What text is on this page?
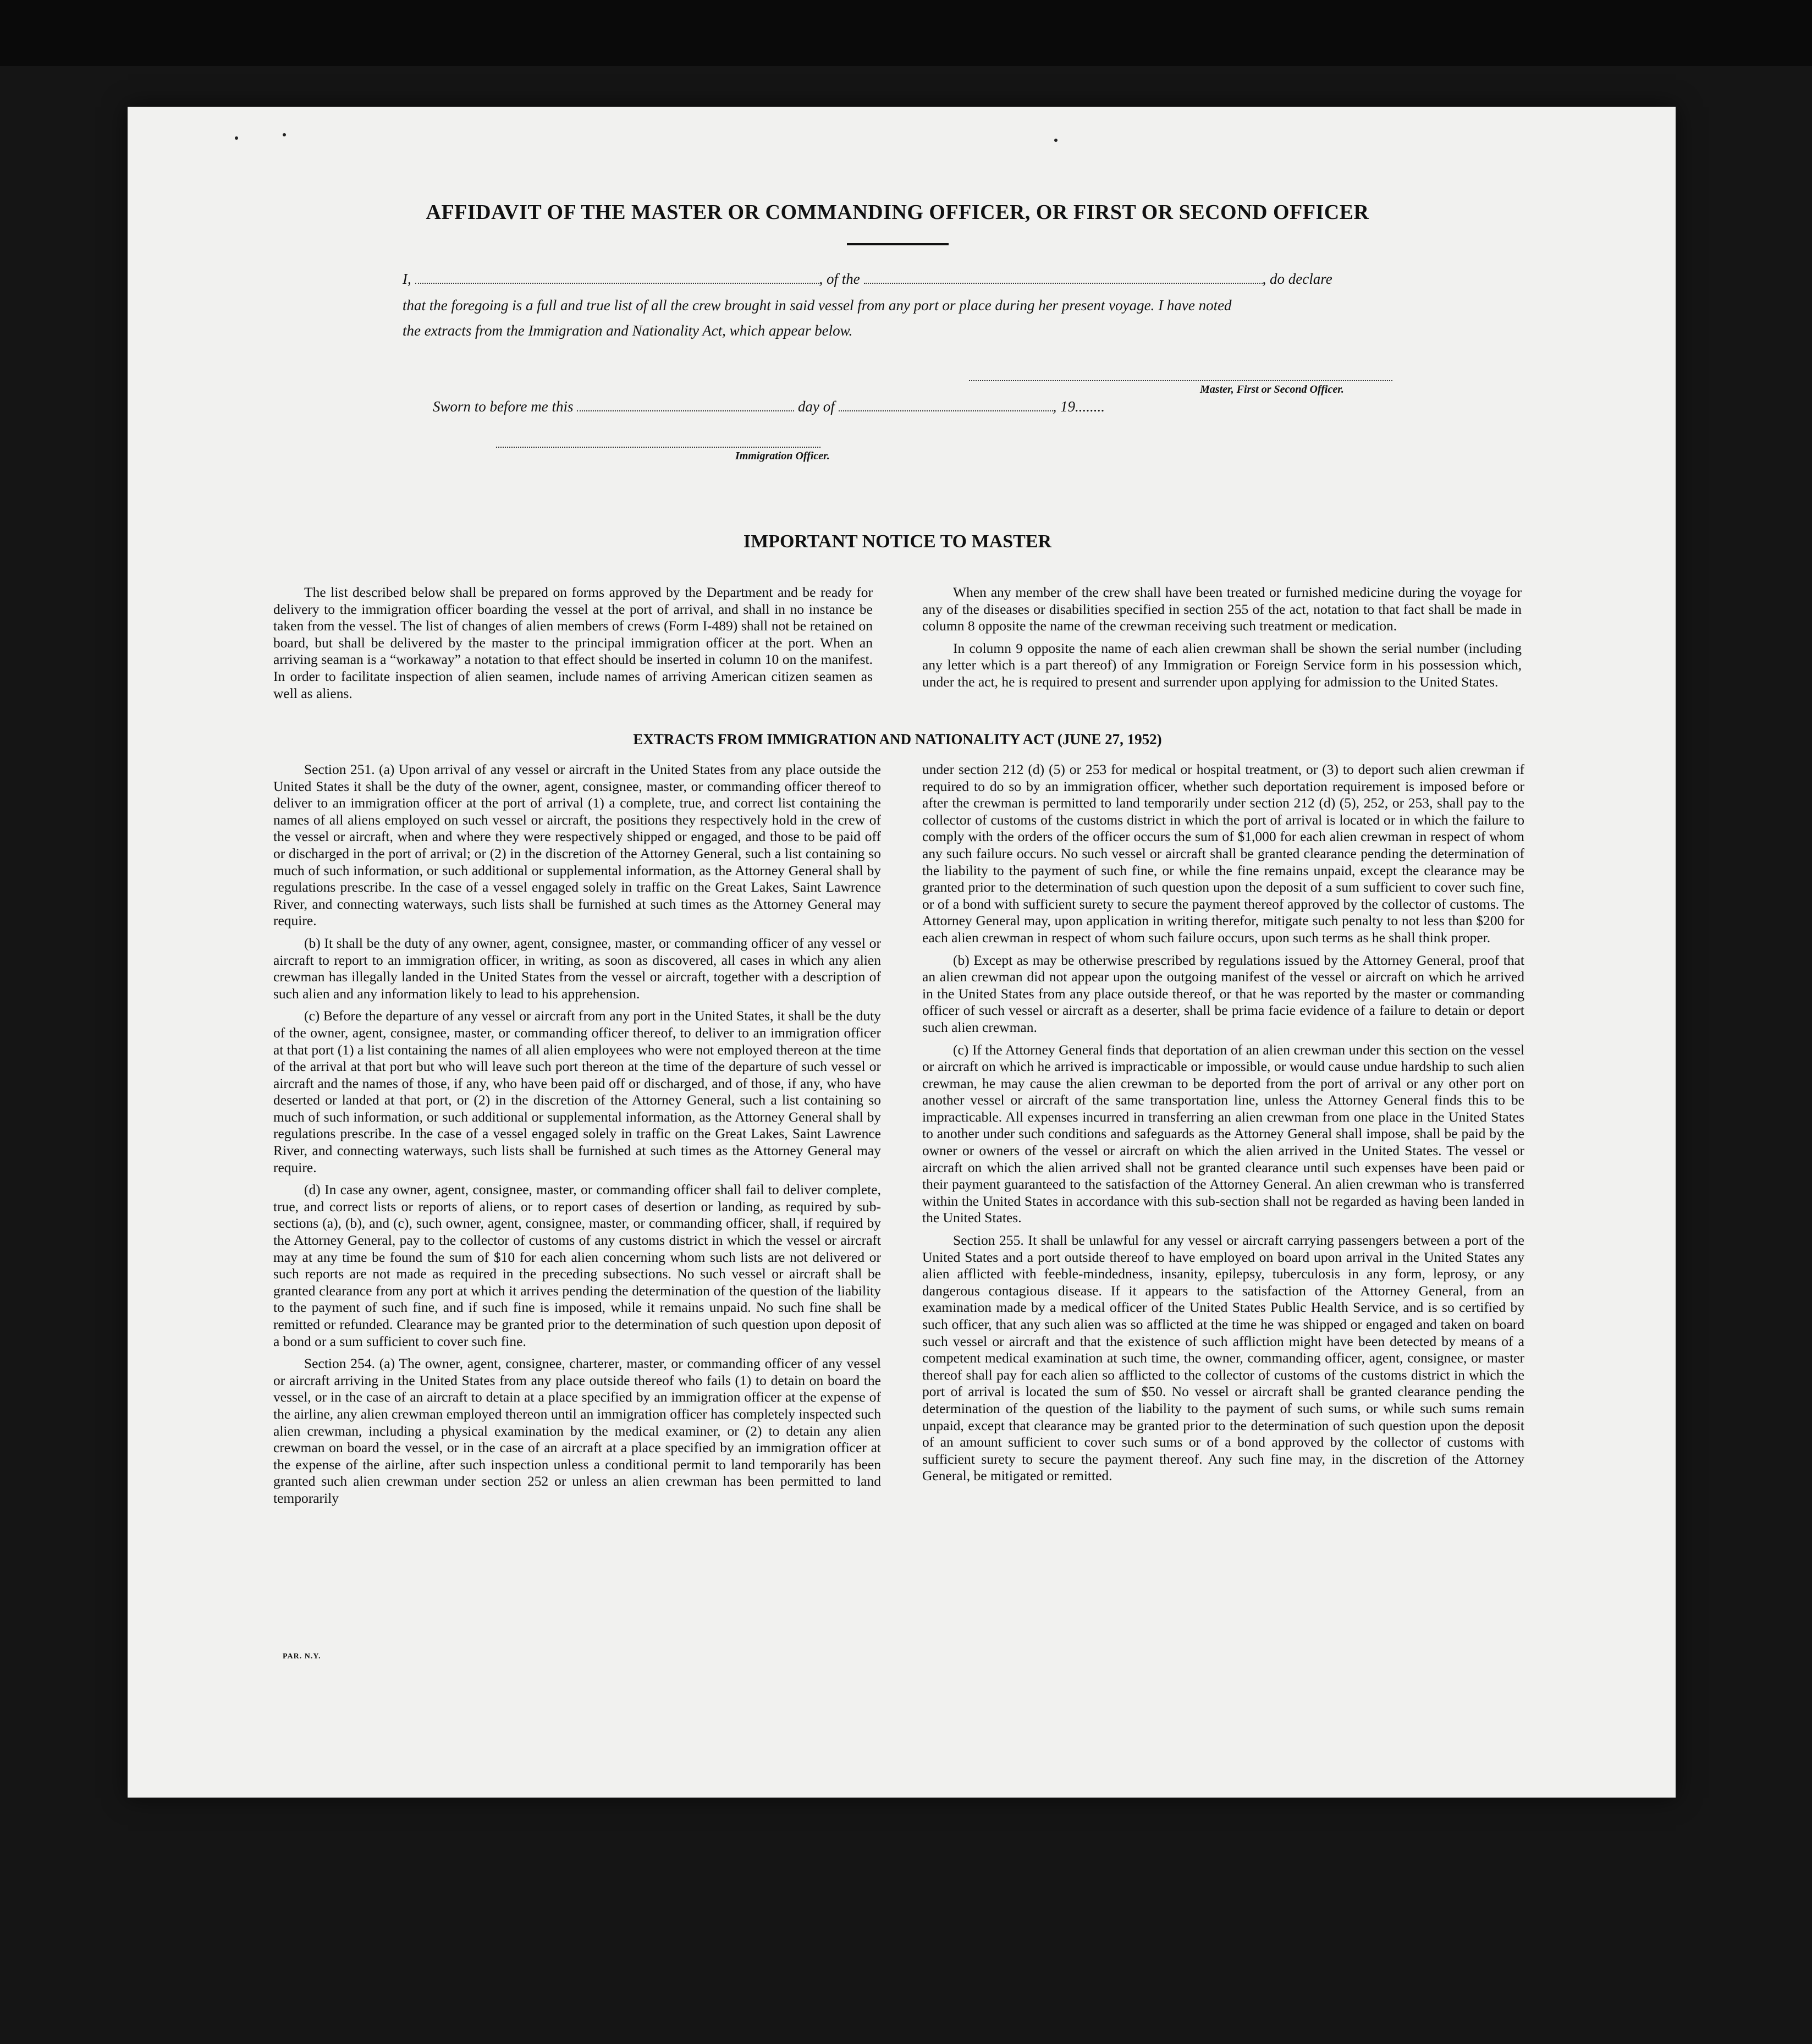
AFFIDAVIT OF THE MASTER OR COMMANDING OFFICER, OR FIRST OR SECOND OFFICER
I,	, of the	, do declare
that the foregoing is a full and true list of all the crew brought in said vessel from any port or place during her present voyage. I have noted
the extracts from the Immigration and Nationality Act, which appear below.
Master, First or Second Officer.
Sworn to before me this	day of	, 19........
Immigration Officer.
IMPORTANT NOTICE TO MASTER

The list described below shall be prepared on forms approved by the Department and be ready for delivery to the immigration officer boarding the vessel at the port of arrival, and shall in no instance be taken from the vessel. The list of changes of alien members of crews (Form I-489) shall not be retained on board, but shall be delivered by the master to the principal immigration officer at the port. When an arriving seaman is a “workaway” a notation to that effect should be inserted in column 10 on the manifest. In order to facilitate inspection of alien seamen, include names of arriving American citizen seamen as well as aliens.

When any member of the crew shall have been treated or furnished medicine during the voyage for any of the diseases or disabilities specified in section 255 of the act, notation to that fact shall be made in column 8 opposite the name of the crewman receiving such treatment or medication.

In column 9 opposite the name of each alien crewman shall be shown the serial number (including any letter which is a part thereof) of any Immigration or Foreign Service form in his possession which, under the act, he is required to present and surrender upon applying for admission to the United States.

EXTRACTS FROM IMMIGRATION AND NATIONALITY ACT (JUNE 27, 1952)

Section 251. (a) Upon arrival of any vessel or aircraft in the United States from any place outside the United States it shall be the duty of the owner, agent, consignee, master, or commanding officer thereof to deliver to an immigration officer at the port of arrival (1) a complete, true, and correct list containing the names of all aliens employed on such vessel or aircraft, the positions they respectively hold in the crew of the vessel or aircraft, when and where they were respectively shipped or engaged, and those to be paid off or discharged in the port of arrival; or (2) in the discretion of the Attorney General, such a list containing so much of such information, or such additional or supplemental information, as the Attorney General shall by regulations prescribe. In the case of a vessel engaged solely in traffic on the Great Lakes, Saint Lawrence River, and connecting waterways, such lists shall be furnished at such times as the Attorney General may require.

(b) It shall be the duty of any owner, agent, consignee, master, or commanding officer of any vessel or aircraft to report to an immigration officer, in writing, as soon as discovered, all cases in which any alien crewman has illegally landed in the United States from the vessel or aircraft, together with a description of such alien and any information likely to lead to his apprehension.

(c) Before the departure of any vessel or aircraft from any port in the United States, it shall be the duty of the owner, agent, consignee, master, or commanding officer thereof, to deliver to an immigration officer at that port (1) a list containing the names of all alien employees who were not employed thereon at the time of the arrival at that port but who will leave such port thereon at the time of the departure of such vessel or aircraft and the names of those, if any, who have been paid off or discharged, and of those, if any, who have deserted or landed at that port, or (2) in the discretion of the Attorney General, such a list containing so much of such information, or such additional or supplemental information, as the Attorney General shall by regulations prescribe. In the case of a vessel engaged solely in traffic on the Great Lakes, Saint Lawrence River, and connecting waterways, such lists shall be furnished at such times as the Attorney General may require.

(d) In case any owner, agent, consignee, master, or commanding officer shall fail to deliver complete, true, and correct lists or reports of aliens, or to report cases of desertion or landing, as required by sub-sections (a), (b), and (c), such owner, agent, consignee, master, or commanding officer, shall, if required by the Attorney General, pay to the collector of customs of any customs district in which the vessel or aircraft may at any time be found the sum of $10 for each alien concerning whom such lists are not delivered or such reports are not made as required in the preceding subsections. No such vessel or aircraft shall be granted clearance from any port at which it arrives pending the determination of the question of the liability to the payment of such fine, and if such fine is imposed, while it remains unpaid. No such fine shall be remitted or refunded. Clearance may be granted prior to the determination of such question upon deposit of a bond or a sum sufficient to cover such fine.

Section 254. (a) The owner, agent, consignee, charterer, master, or commanding officer of any vessel or aircraft arriving in the United States from any place outside thereof who fails (1) to detain on board the vessel, or in the case of an aircraft to detain at a place specified by an immigration officer at the expense of the airline, any alien crewman employed thereon until an immigration officer has completely inspected such alien crewman, including a physical examination by the medical examiner, or (2) to detain any alien crewman on board the vessel, or in the case of an aircraft at a place specified by an immigration officer at the expense of the airline, after such inspection unless a conditional permit to land temporarily has been granted such alien crewman under section 252 or unless an alien crewman has been permitted to land temporarily

under section 212 (d) (5) or 253 for medical or hospital treatment, or (3) to deport such alien crewman if required to do so by an immigration officer, whether such deportation requirement is imposed before or after the crewman is permitted to land temporarily under section 212 (d) (5), 252, or 253, shall pay to the collector of customs of the customs district in which the port of arrival is located or in which the failure to comply with the orders of the officer occurs the sum of $1,000 for each alien crewman in respect of whom any such failure occurs. No such vessel or aircraft shall be granted clearance pending the determination of the liability to the payment of such fine, or while the fine remains unpaid, except the clearance may be granted prior to the determination of such question upon the deposit of a sum sufficient to cover such fine, or of a bond with sufficient surety to secure the payment thereof approved by the collector of customs. The Attorney General may, upon application in writing therefor, mitigate such penalty to not less than $200 for each alien crewman in respect of whom such failure occurs, upon such terms as he shall think proper.

(b) Except as may be otherwise prescribed by regulations issued by the Attorney General, proof that an alien crewman did not appear upon the outgoing manifest of the vessel or aircraft on which he arrived in the United States from any place outside thereof, or that he was reported by the master or commanding officer of such vessel or aircraft as a deserter, shall be prima facie evidence of a failure to detain or deport such alien crewman.

(c) If the Attorney General finds that deportation of an alien crewman under this section on the vessel or aircraft on which he arrived is impracticable or impossible, or would cause undue hardship to such alien crewman, he may cause the alien crewman to be deported from the port of arrival or any other port on another vessel or aircraft of the same transportation line, unless the Attorney General finds this to be impracticable. All expenses incurred in transferring an alien crewman from one place in the United States to another under such conditions and safeguards as the Attorney General shall impose, shall be paid by the owner or owners of the vessel or aircraft on which the alien arrived in the United States. The vessel or aircraft on which the alien arrived shall not be granted clearance until such expenses have been paid or their payment guaranteed to the satisfaction of the Attorney General. An alien crewman who is transferred within the United States in accordance with this sub-section shall not be regarded as having been landed in the United States.

Section 255. It shall be unlawful for any vessel or aircraft carrying passengers between a port of the United States and a port outside thereof to have employed on board upon arrival in the United States any alien afflicted with feeble-mindedness, insanity, epilepsy, tuberculosis in any form, leprosy, or any dangerous contagious disease. If it appears to the satisfaction of the Attorney General, from an examination made by a medical officer of the United States Public Health Service, and is so certified by such officer, that any such alien was so afflicted at the time he was shipped or engaged and taken on board such vessel or aircraft and that the existence of such affliction might have been detected by means of a competent medical examination at such time, the owner, commanding officer, agent, consignee, or master thereof shall pay for each alien so afflicted to the collector of customs of the customs district in which the port of arrival is located the sum of $50. No vessel or aircraft shall be granted clearance pending the determination of the question of the liability to the payment of such sums, or while such sums remain unpaid, except that clearance may be granted prior to the determination of such question upon the deposit of an amount sufficient to cover such sums or of a bond approved by the collector of customs with sufficient surety to secure the payment thereof. Any such fine may, in the discretion of the Attorney General, be mitigated or remitted.

PAR. N.Y.
